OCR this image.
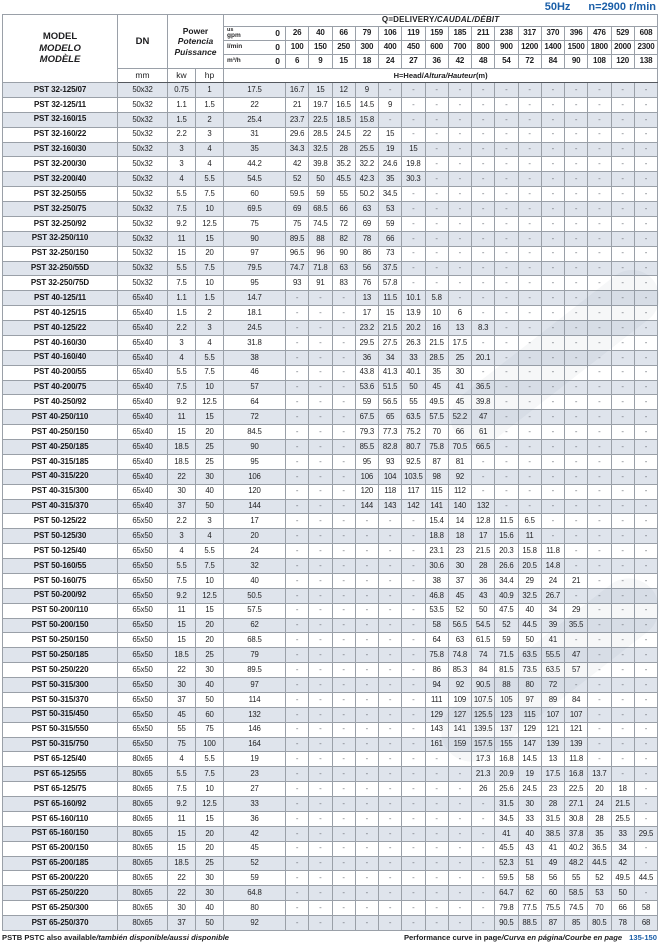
50Hz n=2900 r/min
MODEL
MODELO
MODÈLE
	DN	
Power
Potencia
Puissance
	Q=DELIVERY/CAUDAL/DÉBIT

				us
gpm 0	26	40	66	79	106	119	159	185	211	238	317	370	396	476	529	608

				l/min 0	100	150	250	300	400	450	600	700	800	900	1200	1400	1500	1800	2000	2300

				m³/h 0	6	9	15	18	24	27	36	42	48	54	72	84	90	108	120	138
	mm	kw	hp	H=Head/Altura/Hauteur(m)																
PST 32-125/07	50x32	0.75	1	17.5	16.7	15	12	9	-	-	-	-	-	-	-	-	-	-	-	-
PST 32-125/11	50x32	1.1	1.5	22	21	19.7	16.5	14.5	9	-	-	-	-	-	-	-	-	-	-	-
PST 32-160/15	50x32	1.5	2	25.4	23.7	22.5	18.5	15.8	-	-	-	-	-	-	-	-	-	-	-	-
PST 32-160/22	50x32	2.2	3	31	29.6	28.5	24.5	22	15	-	-	-	-	-	-	-	-	-	-	-
PST 32-160/30	50x32	3	4	35	34.3	32.5	28	25.5	19	15	-	-	-	-	-	-	-	-	-	-
PST 32-200/30	50x32	3	4	44.2	42	39.8	35.2	32.2	24.6	19.8	-	-	-	-	-	-	-	-	-	-
PST 32-200/40	50x32	4	5.5	54.5	52	50	45.5	42.3	35	30.3	-	-	-	-	-	-	-	-	-	-
PST 32-250/55	50x32	5.5	7.5	60	59.5	59	55	50.2	34.5	-	-	-	-	-	-	-	-	-	-	-
PST 32-250/75	50x32	7.5	10	69.5	69	68.5	66	63	53	-	-	-	-	-	-	-	-	-	-	-
PST 32-250/92	50x32	9.2	12.5	75	75	74.5	72	69	59	-	-	-	-	-	-	-	-	-	-	-
PST 32-250/110	50x32	11	15	90	89.5	88	82	78	66	-	-	-	-	-	-	-	-	-	-	-
PST 32-250/150	50x32	15	20	97	96.5	96	90	86	73	-	-	-	-	-	-	-	-	-	-	-
PST 32-250/55D	50x32	5.5	7.5	79.5	74.7	71.8	63	56	37.5	-	-	-	-	-	-	-	-	-	-	-
PST 32-250/75D	50x32	7.5	10	95	93	91	83	76	57.8	-	-	-	-	-	-	-	-	-	-	-
PST 40-125/11	65x40	1.1	1.5	14.7	-	-	-	13	11.5	10.1	5.8	-	-	-	-	-	-	-	-	-
PST 40-125/15	65x40	1.5	2	18.1	-	-	-	17	15	13.9	10	6	-	-	-	-	-	-	-	-
PST 40-125/22	65x40	2.2	3	24.5	-	-	-	23.2	21.5	20.2	16	13	8.3	-	-	-	-	-	-	-
PST 40-160/30	65x40	3	4	31.8	-	-	-	29.5	27.5	26.3	21.5	17.5	-	-	-	-	-	-	-	-
PST 40-160/40	65x40	4	5.5	38	-	-	-	36	34	33	28.5	25	20.1	-	-	-	-	-	-	-
PST 40-200/55	65x40	5.5	7.5	46	-	-	-	43.8	41.3	40.1	35	30	-	-	-	-	-	-	-	-
PST 40-200/75	65x40	7.5	10	57	-	-	-	53.6	51.5	50	45	41	36.5	-	-	-	-	-	-	-
PST 40-250/92	65x40	9.2	12.5	64	-	-	-	59	56.5	55	49.5	45	39.8	-	-	-	-	-	-	-
PST 40-250/110	65x40	11	15	72	-	-	-	67.5	65	63.5	57.5	52.2	47	-	-	-	-	-	-	-
PST 40-250/150	65x40	15	20	84.5	-	-	-	79.3	77.3	75.2	70	66	61	-	-	-	-	-	-	-
PST 40-250/185	65x40	18.5	25	90	-	-	-	85.5	82.8	80.7	75.8	70.5	66.5	-	-	-	-	-	-	-
PST 40-315/185	65x40	18.5	25	95	-	-	-	95	93	92.5	87	81	-	-	-	-	-	-	-	-
PST 40-315/220	65x40	22	30	106	-	-	-	106	104	103.5	98	92	-	-	-	-	-	-	-	-
PST 40-315/300	65x40	30	40	120	-	-	-	120	118	117	115	112	-	-	-	-	-	-	-	-
PST 40-315/370	65x40	37	50	144	-	-	-	144	143	142	141	140	132	-	-	-	-	-	-	-
PST 50-125/22	65x50	2.2	3	17	-	-	-	-	-	-	15.4	14	12.8	11.5	6.5	-	-	-	-	-
PST 50-125/30	65x50	3	4	20	-	-	-	-	-	-	18.8	18	17	15.6	11	-	-	-	-	-
PST 50-125/40	65x50	4	5.5	24	-	-	-	-	-	-	23.1	23	21.5	20.3	15.8	11.8	-	-	-	-
PST 50-160/55	65x50	5.5	7.5	32	-	-	-	-	-	-	30.6	30	28	26.6	20.5	14.8	-	-	-	-
PST 50-160/75	65x50	7.5	10	40	-	-	-	-	-	-	38	37	36	34.4	29	24	21	-	-	-
PST 50-200/92	65x50	9.2	12.5	50.5	-	-	-	-	-	-	46.8	45	43	40.9	32.5	26.7	-	-	-	-
PST 50-200/110	65x50	11	15	57.5	-	-	-	-	-	-	53.5	52	50	47.5	40	34	29	-	-	-
PST 50-200/150	65x50	15	20	62	-	-	-	-	-	-	58	56.5	54.5	52	44.5	39	35.5	-	-	-
PST 50-250/150	65x50	15	20	68.5	-	-	-	-	-	-	64	63	61.5	59	50	41	-	-	-	-
PST 50-250/185	65x50	18.5	25	79	-	-	-	-	-	-	75.8	74.8	74	71.5	63.5	55.5	47	-	-	-
PST 50-250/220	65x50	22	30	89.5	-	-	-	-	-	-	86	85.3	84	81.5	73.5	63.5	57	-	-	-
PST 50-315/300	65x50	30	40	97	-	-	-	-	-	-	94	92	90.5	88	80	72	-	-	-	-
PST 50-315/370	65x50	37	50	114	-	-	-	-	-	-	111	109	107.5	105	97	89	84	-	-	-
PST 50-315/450	65x50	45	60	132	-	-	-	-	-	-	129	127	125.5	123	115	107	107	-	-	-
PST 50-315/550	65x50	55	75	146	-	-	-	-	-	-	143	141	139.5	137	129	121	121	-	-	-
PST 50-315/750	65x50	75	100	164	-	-	-	-	-	-	161	159	157.5	155	147	139	139	-	-	-
PST 65-125/40	80x65	4	5.5	19	-	-	-	-	-	-	-	-	17.3	16.8	14.5	13	11.8	-	-	-
PST 65-125/55	80x65	5.5	7.5	23	-	-	-	-	-	-	-	-	21.3	20.9	19	17.5	16.8	13.7	-	-
PST 65-125/75	80x65	7.5	10	27	-	-	-	-	-	-	-	-	26	25.6	24.5	23	22.5	20	18	-
PST 65-160/92	80x65	9.2	12.5	33	-	-	-	-	-	-	-	-	-	31.5	30	28	27.1	24	21.5	-
PST 65-160/110	80x65	11	15	36	-	-	-	-	-	-	-	-	-	34.5	33	31.5	30.8	28	25.5	-
PST 65-160/150	80x65	15	20	42	-	-	-	-	-	-	-	-	-	41	40	38.5	37.8	35	33	29.5
PST 65-200/150	80x65	15	20	45	-	-	-	-	-	-	-	-	-	45.5	43	41	40.2	36.5	34	-
PST 65-200/185	80x65	18.5	25	52	-	-	-	-	-	-	-	-	-	52.3	51	49	48.2	44.5	42	-
PST 65-200/220	80x65	22	30	59	-	-	-	-	-	-	-	-	-	59.5	58	56	55	52	49.5	44.5
PST 65-250/220	80x65	22	30	64.8	-	-	-	-	-	-	-	-	-	64.7	62	60	58.5	53	50	-
PST 65-250/300	80x65	30	40	80	-	-	-	-	-	-	-	-	-	79.8	77.5	75.5	74.5	70	66	58
PST 65-250/370	80x65	37	50	92	-	-	-	-	-	-	-	-	-	90.5	88.5	87	85	80.5	78	68
PSTB PSTC also available/también disponible/aussi disponible	Performance curve in page/Curva en página/Courbe en page 135-150
